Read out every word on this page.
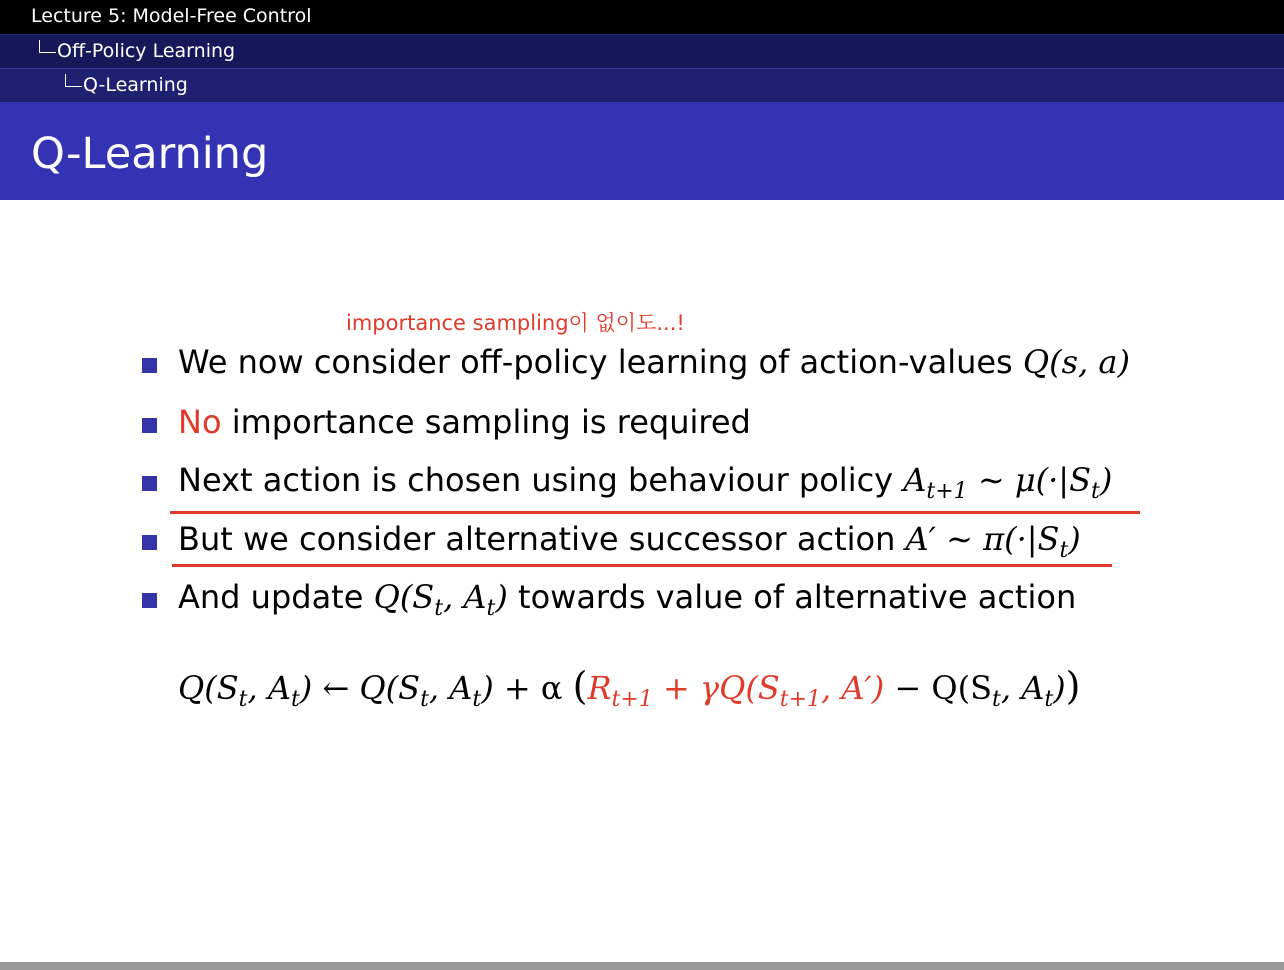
Lecture 5: Model-Free Control
Off-Policy Learning
Q-Learning
Q-Learning
importance sampling이 없이도...!
We now consider off-policy learning of action-values Q(s, a)
No importance sampling is required
Next action is chosen using behaviour policy $A_{t+1}$ ∼ $\mu(\cdot|S_t)$
But we consider alternative successor action A′ ∼ $\pi(\cdot|S_t)$
And update $Q(S_t$, $A_t$) towards value of alternative action
$Q(S_t$, $A_t$) ← $Q(S_t$, $A_t) + \alpha$ ($R_{t+1} + \gamma Q(S_{t+1}$, $A') - Q(S_t$, $A_t$))
